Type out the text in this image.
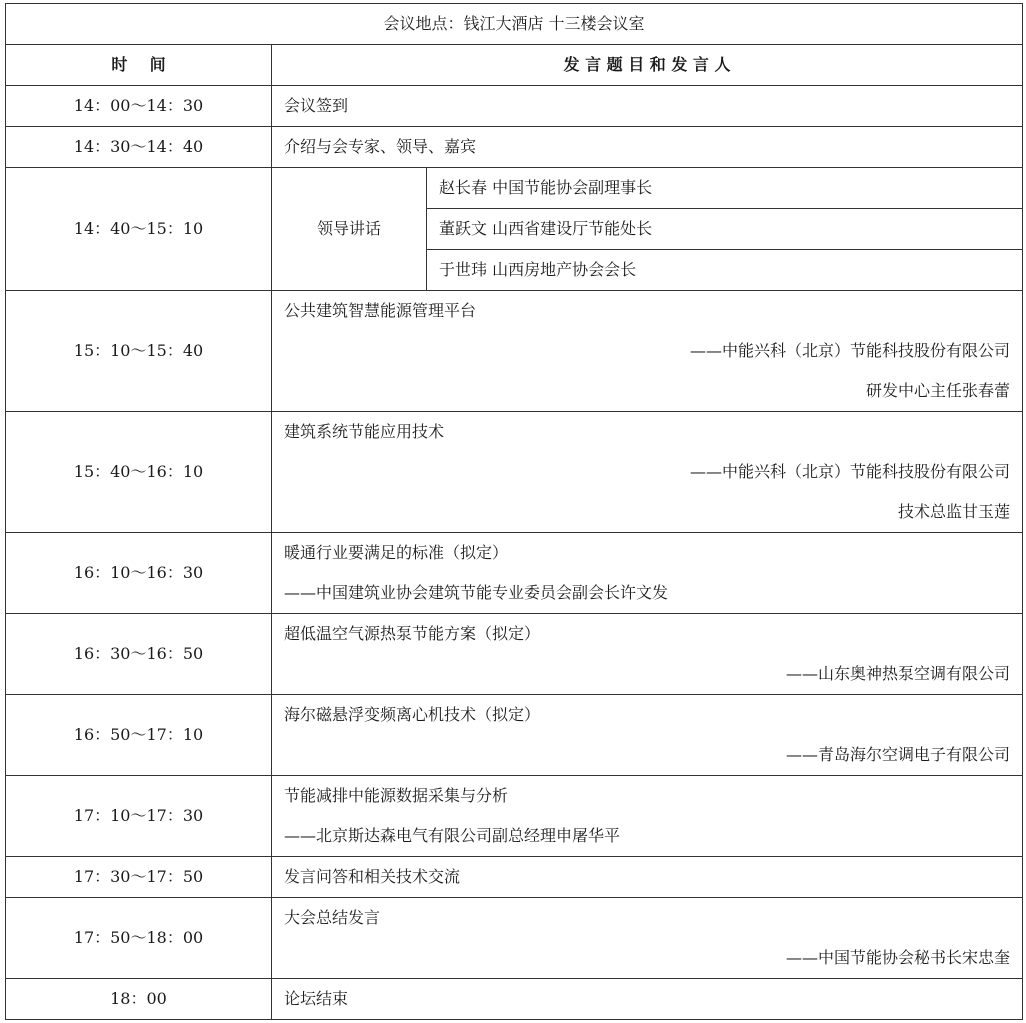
会议地点：钱江大酒店 十三楼会议室		
时    间	发 言 题 目 和 发 言 人	
14：00～14：30	会议签到	
14：30～14：40	介绍与会专家、领导、嘉宾	
14：40～15：10	领导讲话	赵长春 中国节能协会副理事长
		董跃文 山西省建设厅节能处长
		于世玮 山西房地产协会会长
15：10～15：40	公共建筑智慧能源管理平台
——中能兴科（北京）节能科技股份有限公司
研发中心主任张春蕾	

15：40～16：10	建筑系统节能应用技术
——中能兴科（北京）节能科技股份有限公司
技术总监甘玉莲	

16：10～16：30	暖通行业要满足的标准（拟定）
——中国建筑业协会建筑节能专业委员会副会长许文发	

16：30～16：50	超低温空气源热泵节能方案（拟定）
——山东奥神热泵空调有限公司	

16：50～17：10	海尔磁悬浮变频离心机技术（拟定）
——青岛海尔空调电子有限公司	

17：10～17：30	节能减排中能源数据采集与分析
——北京斯达森电气有限公司副总经理申屠华平	

17：30～17：50	发言问答和相关技术交流	
17：50～18：00	大会总结发言
——中国节能协会秘书长宋忠奎	

18：00	论坛结束	
